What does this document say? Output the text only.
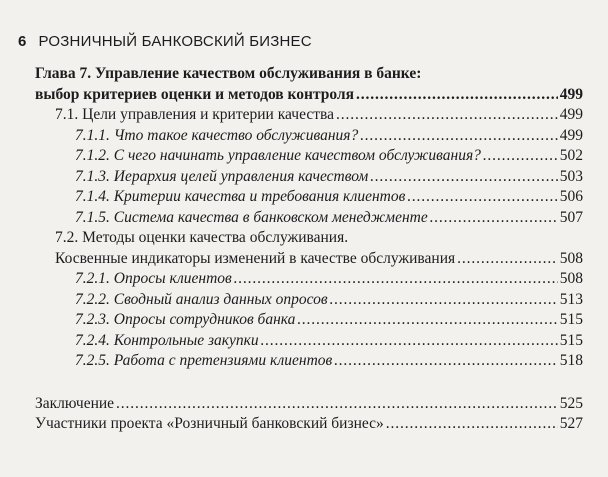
6 РОЗНИЧНЫЙ БАНКОВСКИЙ БИЗНЕС
Глава 7. Управление качеством обслуживания в банке:
выбор критериев оценки и методов контроля . . .	499
7.1. Цели управления и критерии качества . . .	499
7.1.1. Что такое качество обслуживания? . . .	499
7.1.2. С чего начинать управление качеством обслуживания? . . .	502
7.1.3. Иерархия целей управления качеством . . .	503
7.1.4. Критерии качества и требования клиентов . . .	506
7.1.5. Система качества в банковском менеджменте . . .	507
7.2. Методы оценки качества обслуживания.
Косвенные индикаторы изменений в качестве обслуживания . . .	508
7.2.1. Опросы клиентов . . .	508
7.2.2. Сводный анализ данных опросов . . .	513
7.2.3. Опросы сотрудников банка . . .	515
7.2.4. Контрольные закупки . . .	515
7.2.5. Работа с претензиями клиентов . . .	518
Заключение . . .	525
Участники проекта «Розничный банковский бизнес» . . .	527
